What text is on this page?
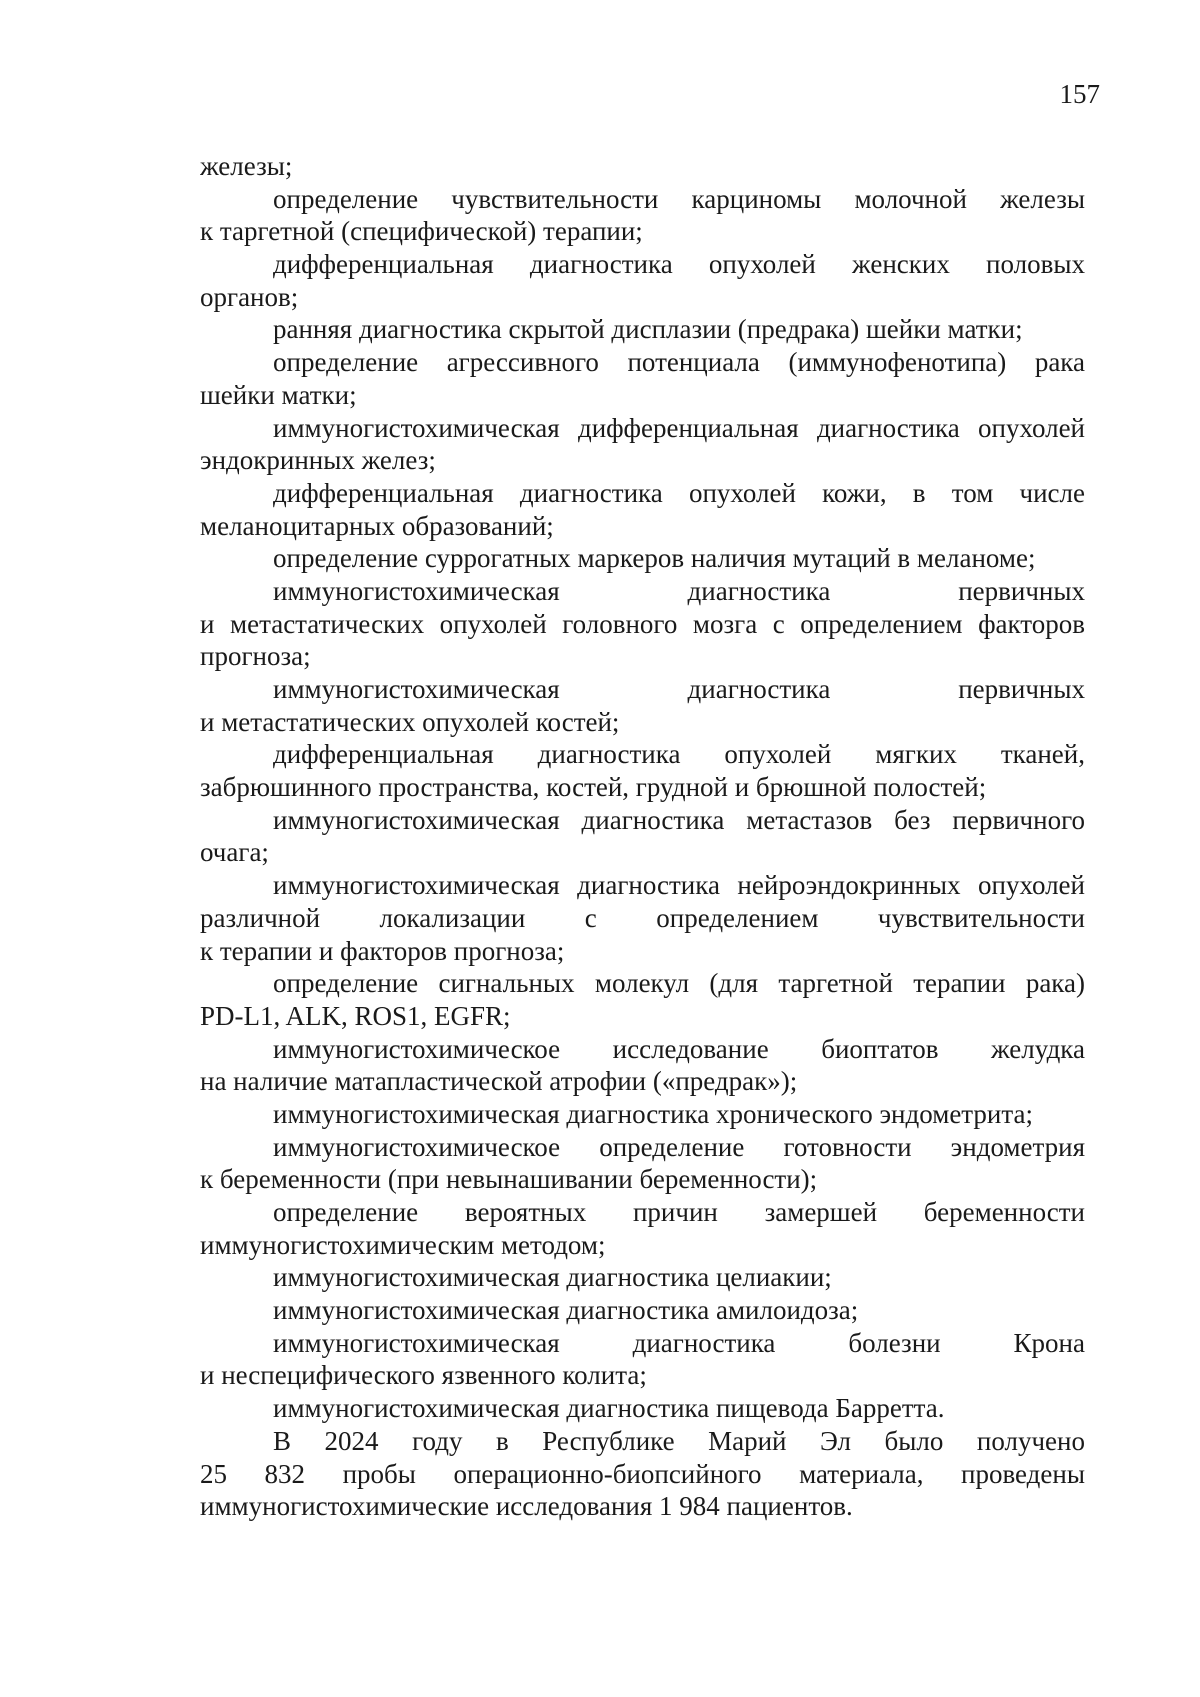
157
железы;
определение чувствительности карциномы молочной железы
к таргетной (специфической) терапии;
дифференциальная диагностика опухолей женских половых
органов;
ранняя диагностика скрытой дисплазии (предрака) шейки матки;
определение агрессивного потенциала (иммунофенотипа) рака
шейки матки;
иммуногистохимическая дифференциальная диагностика опухолей
эндокринных желез;
дифференциальная диагностика опухолей кожи, в том числе
меланоцитарных образований;
определение суррогатных маркеров наличия мутаций в меланоме;
иммуногистохимическая диагностика первичных
и метастатических опухолей головного мозга с определением факторов
прогноза;
иммуногистохимическая диагностика первичных
и метастатических опухолей костей;
дифференциальная диагностика опухолей мягких тканей,
забрюшинного пространства, костей, грудной и брюшной полостей;
иммуногистохимическая диагностика метастазов без первичного
очага;
иммуногистохимическая диагностика нейроэндокринных опухолей
различной локализации с определением чувствительности
к терапии и факторов прогноза;
определение сигнальных молекул (для таргетной терапии рака)
PD-L1, ALK, ROS1, EGFR;
иммуногистохимическое исследование биоптатов желудка
на наличие матапластической атрофии («предрак»);
иммуногистохимическая диагностика хронического эндометрита;
иммуногистохимическое определение готовности эндометрия
к беременности (при невынашивании беременности);
определение вероятных причин замершей беременности
иммуногистохимическим методом;
иммуногистохимическая диагностика целиакии;
иммуногистохимическая диагностика амилоидоза;
иммуногистохимическая диагностика болезни Крона
и неспецифического язвенного колита;
иммуногистохимическая диагностика пищевода Барретта.
В 2024 году в Республике Марий Эл было получено
25 832 пробы операционно-биопсийного материала, проведены
иммуногистохимические исследования 1 984 пациентов.
